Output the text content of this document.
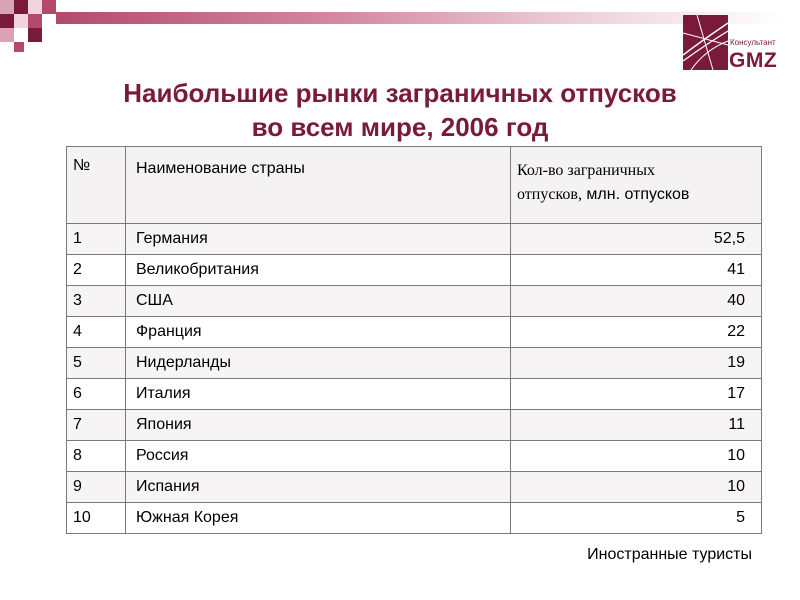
Консультант
GMZ
Наибольшие рынки заграничных отпусков
во всем мире, 2006 год
№	Наименование страны	Кол-во заграничных
отпусков, млн. отпусков

1	Германия	52,5
2	Великобритания	41
3	США	40
4	Франция	22
5	Нидерланды	19
6	Италия	17
7	Япония	11
8	Россия	10
9	Испания	10
10	Южная Корея	5
Иностранные туристы
